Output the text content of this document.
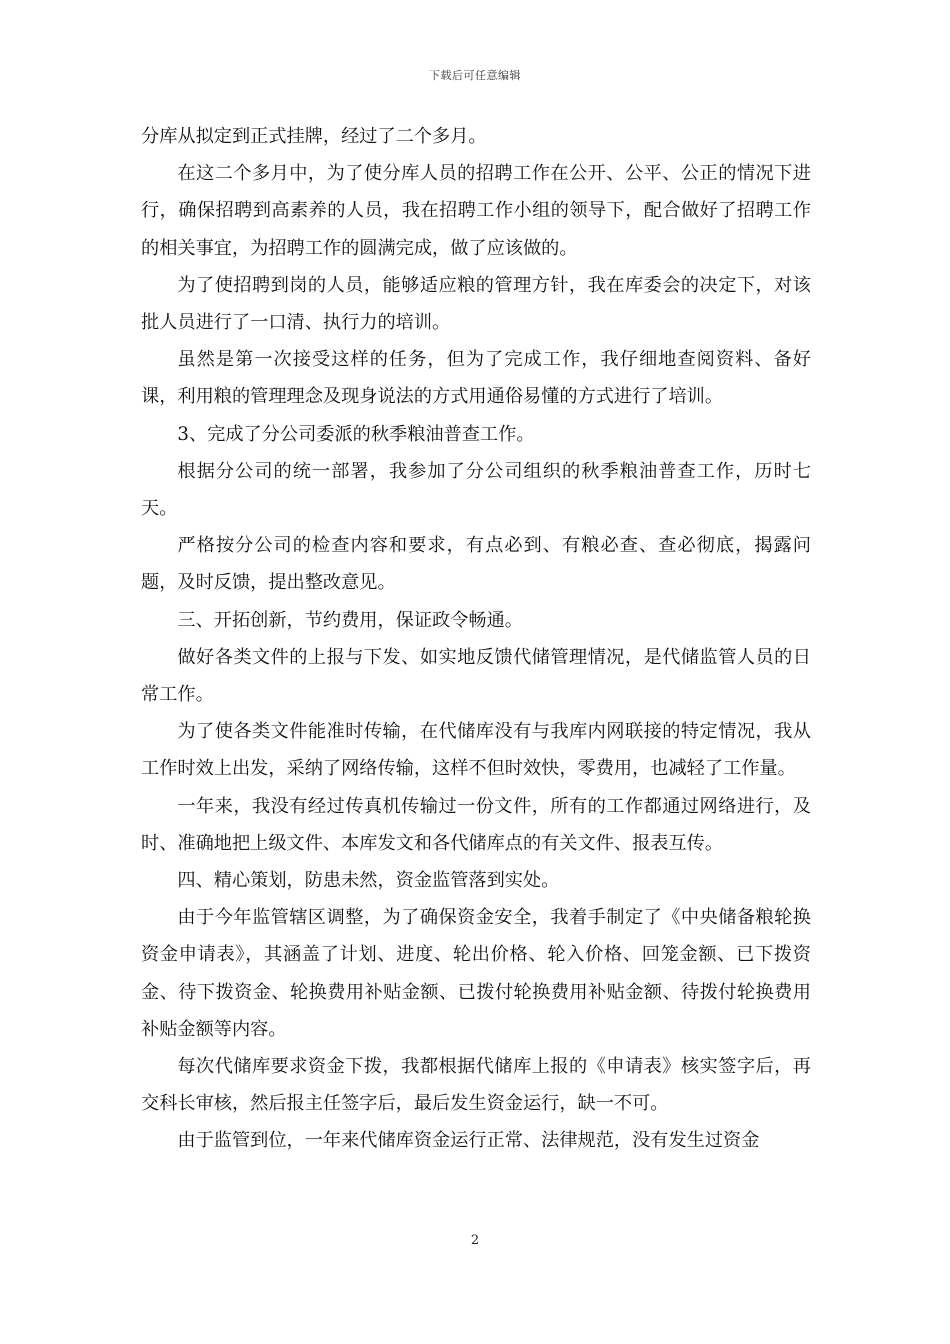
下载后可任意编辑

分库从拟定到正式挂牌，经过了二个多月。

在这二个多月中，为了使分库人员的招聘工作在公开、公平、公正的情况下进行，确保招聘到高素养的人员，我在招聘工作小组的领导下，配合做好了招聘工作的相关事宜，为招聘工作的圆满完成，做了应该做的。

为了使招聘到岗的人员，能够适应粮的管理方针，我在库委会的决定下，对该批人员进行了一口清、执行力的培训。

虽然是第一次接受这样的任务，但为了完成工作，我仔细地查阅资料、备好课，利用粮的管理理念及现身说法的方式用通俗易懂的方式进行了培训。

3、完成了分公司委派的秋季粮油普查工作。

根据分公司的统一部署，我参加了分公司组织的秋季粮油普查工作，历时七天。

严格按分公司的检查内容和要求，有点必到、有粮必查、查必彻底，揭露问题，及时反馈，提出整改意见。

三、开拓创新，节约费用，保证政令畅通。

做好各类文件的上报与下发、如实地反馈代储管理情况，是代储监管人员的日常工作。

为了使各类文件能准时传输，在代储库没有与我库内网联接的特定情况，我从工作时效上出发，采纳了网络传输，这样不但时效快，零费用，也减轻了工作量。

一年来，我没有经过传真机传输过一份文件，所有的工作都通过网络进行，及时、准确地把上级文件、本库发文和各代储库点的有关文件、报表互传。

四、精心策划，防患未然，资金监管落到实处。

由于今年监管辖区调整，为了确保资金安全，我着手制定了《中央储备粮轮换资金申请表》，其涵盖了计划、进度、轮出价格、轮入价格、回笼金额、已下拨资金、待下拨资金、轮换费用补贴金额、已拨付轮换费用补贴金额、待拨付轮换费用补贴金额等内容。

每次代储库要求资金下拨，我都根据代储库上报的《申请表》核实签字后，再交科长审核，然后报主任签字后，最后发生资金运行，缺一不可。

由于监管到位，一年来代储库资金运行正常、法律规范，没有发生过资金

2
